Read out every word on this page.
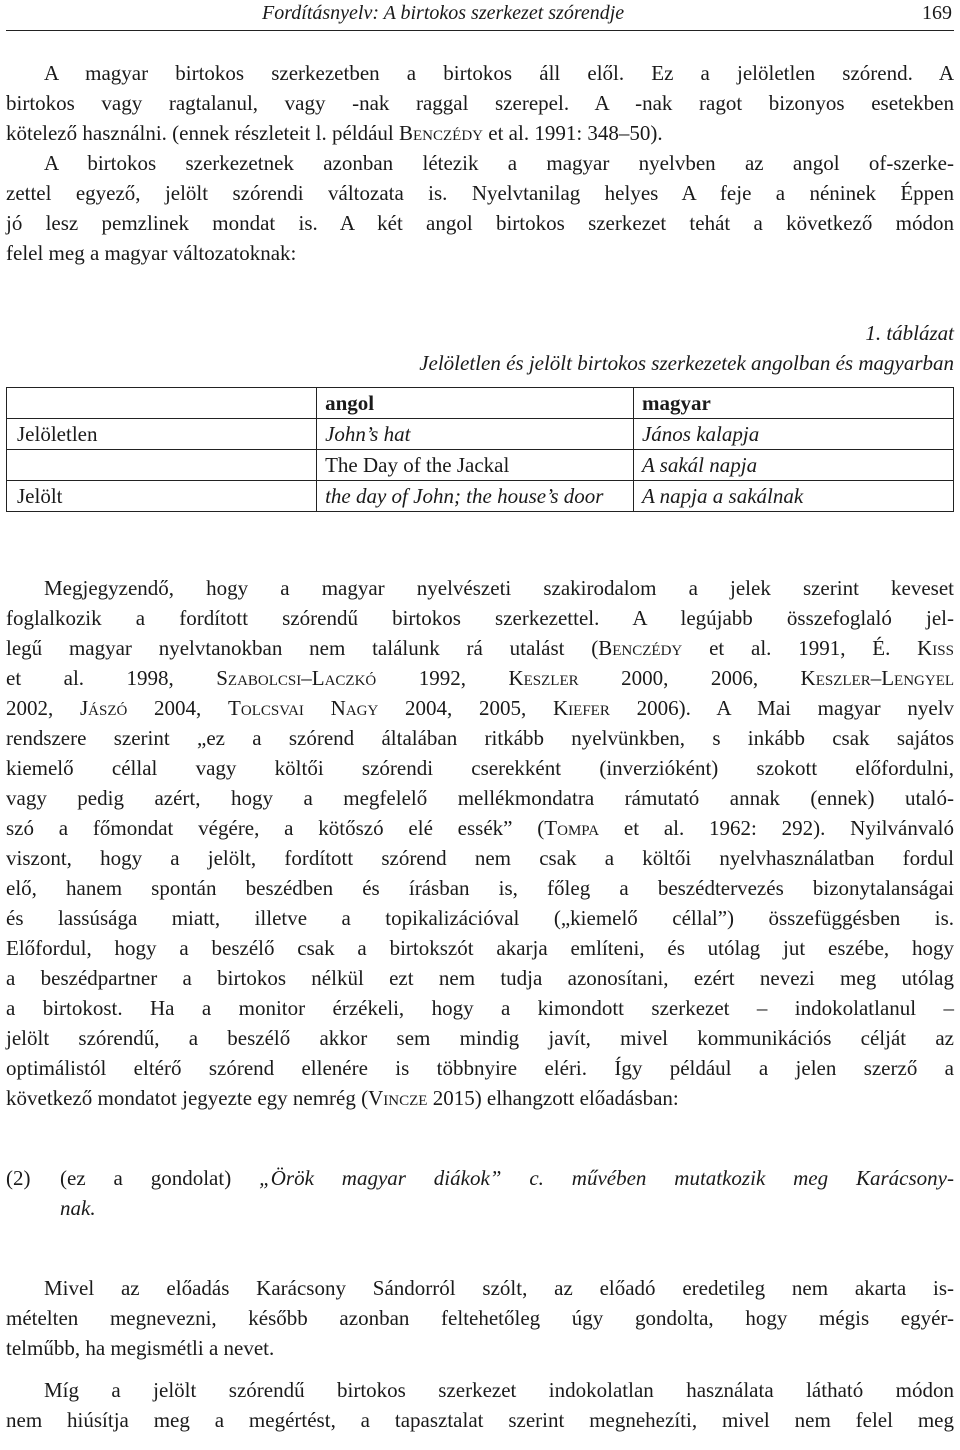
Fordításnyelv: A birtokos szerkezet szórendje	169
A magyar birtokos szerkezetben a birtokos áll elől. Ez a jelöletlen szórend. A
birtokos vagy ragtalanul, vagy -nak raggal szerepel. A -nak ragot bizonyos esetekben
kötelező használni. (ennek részleteit l. például Benczédy et al. 1991: 348–50).
A birtokos szerkezetnek azonban létezik a magyar nyelvben az angol of-szerke-
zettel egyező, jelölt szórendi változata is. Nyelvtanilag helyes A feje a néninek Éppen
jó lesz pemzlinek mondat is. A két angol birtokos szerkezet tehát a következő módon
felel meg a magyar változatoknak:
1. táblázat
Jelöletlen és jelölt birtokos szerkezetek angolban és magyarban
	angol	magyar
Jelöletlen	John’s hat	János kalapja
	The Day of the Jackal	A sakál napja
Jelölt	the day of John; the house’s door	A napja a sakálnak
Megjegyzendő, hogy a magyar nyelvészeti szakirodalom a jelek szerint keveset
foglalkozik a fordított szórendű birtokos szerkezettel. A legújabb összefoglaló jel-
legű magyar nyelvtanokban nem találunk rá utalást (Benczédy et al. 1991, É. Kiss
et al. 1998, Szabolcsi–Laczkó 1992, Keszler 2000, 2006, Keszler–Lengyel
2002, Jászó 2004, Tolcsvai Nagy 2004, 2005, Kiefer 2006). A Mai magyar nyelv
rendszere szerint „ez a szórend általában ritkább nyelvünkben, s inkább csak sajátos
kiemelő céllal vagy költői szórendi cserekként (inverzióként) szokott előfordulni,
vagy pedig azért, hogy a megfelelő mellékmondatra rámutató annak (ennek) utaló-
szó a főmondat végére, a kötőszó elé essék” (Tompa et al. 1962: 292). Nyilvánvaló
viszont, hogy a jelölt, fordított szórend nem csak a költői nyelvhasználatban fordul
elő, hanem spontán beszédben és írásban is, főleg a beszédtervezés bizonytalanságai
és lassúsága miatt, illetve a topikalizációval („kiemelő céllal”) összefüggésben is.
Előfordul, hogy a beszélő csak a birtokszót akarja említeni, és utólag jut eszébe, hogy
a beszédpartner a birtokos nélkül ezt nem tudja azonosítani, ezért nevezi meg utólag
a birtokost. Ha a monitor érzékeli, hogy a kimondott szerkezet – indokolatlanul –
jelölt szórendű, a beszélő akkor sem mindig javít, mivel kommunikációs célját az
optimálistól eltérő szórend ellenére is többnyire eléri. Így például a jelen szerző a
következő mondatot jegyezte egy nemrég (Vincze 2015) elhangzott előadásban:
(2) (ez a gondolat) „Örök magyar diákok” c. művében mutatkozik meg Karácsony-
nak.
Mivel az előadás Karácsony Sándorról szólt, az előadó eredetileg nem akarta is-
mételten megnevezni, később azonban feltehetőleg úgy gondolta, hogy mégis egyér-
telműbb, ha megismétli a nevet.
Míg a jelölt szórendű birtokos szerkezet indokolatlan használata látható módon
nem hiúsítja meg a megértést, a tapasztalat szerint megnehezíti, mivel nem felel meg
